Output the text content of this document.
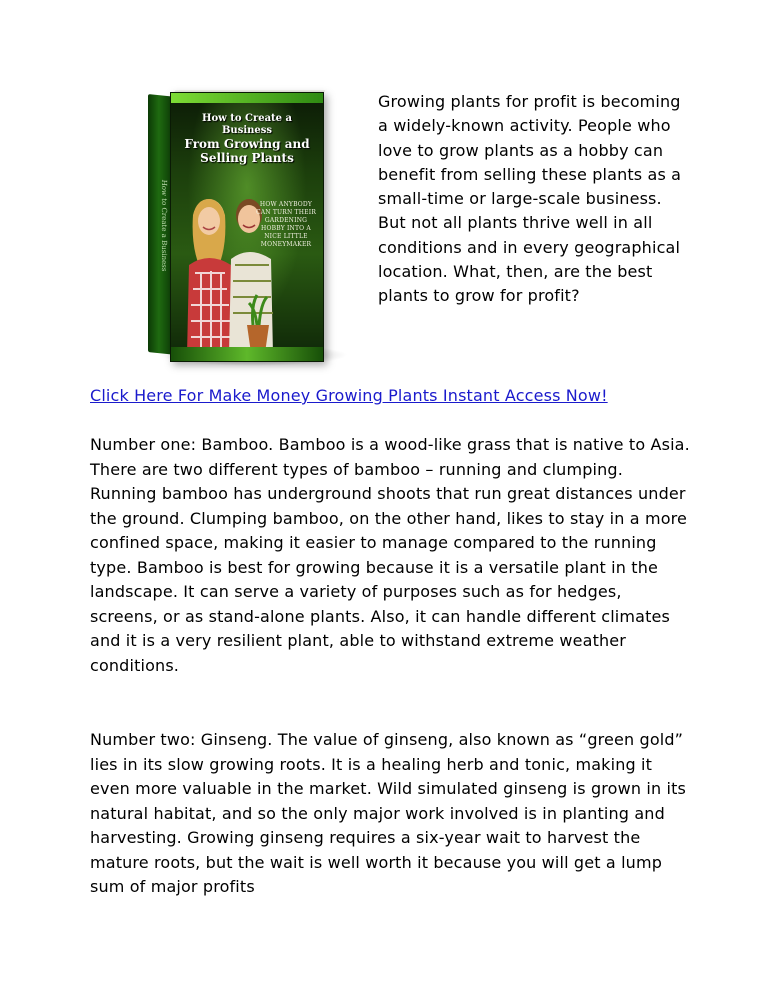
How to Create a Business
How to Create a Business
From Growing and
Selling Plants
HOW ANYBODY CAN TURN THEIR GARDENING HOBBY INTO A NICE LITTLE MONEYMAKER

Growing plants for profit is becoming a widely-known activity. People who love to grow plants as a hobby can benefit from selling these plants as a small-time or large-scale business. But not all plants thrive well in all conditions and in every geographical location. What, then, are the best plants to grow for profit?

Click Here For Make Money Growing Plants Instant Access Now!

Number one: Bamboo. Bamboo is a wood-like grass that is native to Asia. There are two different types of bamboo – running and clumping. Running bamboo has underground shoots that run great distances under the ground. Clumping bamboo, on the other hand, likes to stay in a more confined space, making it easier to manage compared to the running type. Bamboo is best for growing because it is a versatile plant in the landscape. It can serve a variety of purposes such as for hedges, screens, or as stand-alone plants. Also, it can handle different climates and it is a very resilient plant, able to withstand extreme weather conditions.

Number two: Ginseng. The value of ginseng, also known as “green gold” lies in its slow growing roots. It is a healing herb and tonic, making it even more valuable in the market. Wild simulated ginseng is grown in its natural habitat, and so the only major work involved is in planting and harvesting. Growing ginseng requires a six-year wait to harvest the mature roots, but the wait is well worth it because you will get a lump sum of major profits
